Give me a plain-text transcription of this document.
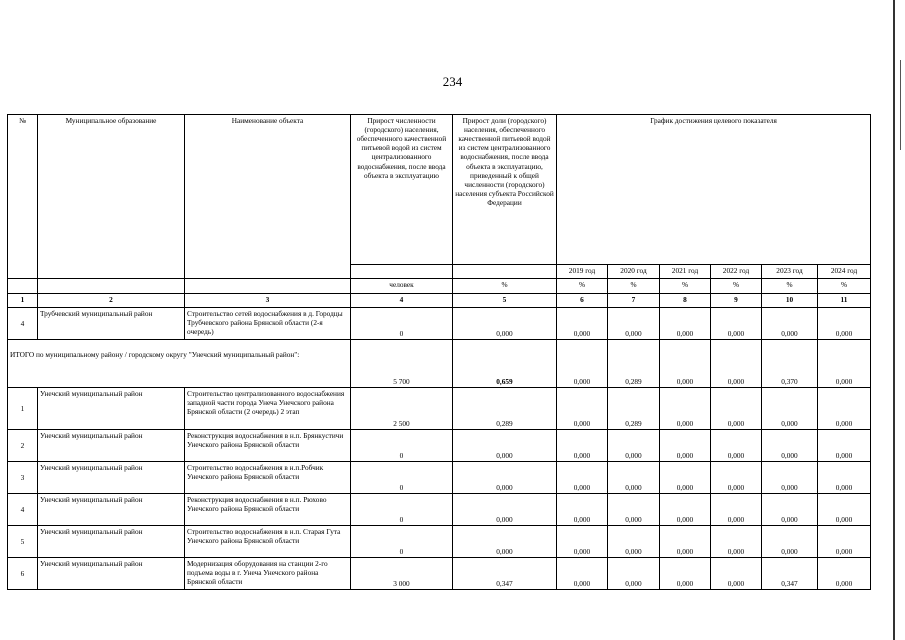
234
№	Муниципальное образование	Наименование объекта	Прирост численности (городского) населения, обеспеченного качественной питьевой водой из систем централизованного водоснабжения, после ввода объекта в эксплуатацию	Прирост доли (городского) населения, обеспеченного качественной питьевой водой из систем централизованного водоснабжения, после ввода объекта в эксплуатацию, приведенный к общей численности (городского) населения субъекта Российской Федерации	График достижения целевого показателя					
					2019 год	2020 год	2021 год	2022 год	2023 год	2024 год
			человек	%	%	%	%	%	%	%
1	2	3	4	5	6	7	8	9	10	11
4	Трубчевский муниципальный район	Строительство сетей водоснабжения в д. Городцы Трубчевского района Брянской области (2-я очередь)	0	0,000	0,000	0,000	0,000	0,000	0,000	0,000
ИТОГО по муниципальному району / городскому округу "Унечский муниципальный район":			5 700	0,659	0,000	0,289	0,000	0,000	0,370	0,000
1	Унечский муниципальный район	Строительство централизованного водоснабжения западной части города Унеча Унечского района Брянской области (2 очередь) 2 этап	2 500	0,289	0,000	0,289	0,000	0,000	0,000	0,000
2	Унечский муниципальный район	Реконструкция водоснабжения в н.п. Брянкустичи Унечского района Брянской области	0	0,000	0,000	0,000	0,000	0,000	0,000	0,000
3	Унечский муниципальный район	Строительство водоснабжения в н.п.Робчик Унечского района Брянской области	0	0,000	0,000	0,000	0,000	0,000	0,000	0,000
4	Унечский муниципальный район	Реконструкция водоснабжения в н.п. Рюхово Унечского района Брянской области	0	0,000	0,000	0,000	0,000	0,000	0,000	0,000
5	Унечский муниципальный район	Строительство водоснабжения в н.п. Старая Гута Унечского района Брянской области	0	0,000	0,000	0,000	0,000	0,000	0,000	0,000
6	Унечский муниципальный район	Модернизация оборудования на станции 2-го подъема воды в г. Унеча Унечского района Брянской области	3 000	0,347	0,000	0,000	0,000	0,000	0,347	0,000
